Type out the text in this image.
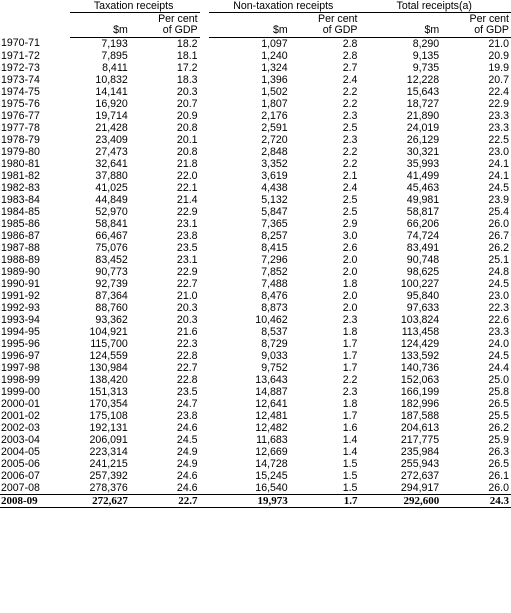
	Taxation receipts			Non-taxation receipts		Total receipts(a)	
		Per cent			Per cent		Per cent
	$m	of GDP		$m	of GDP	$m	of GDP
1970-71	7,193	18.2		1,097	2.8	8,290	21.0
1971-72	7,895	18.1		1,240	2.8	9,135	20.9
1972-73	8,411	17.2		1,324	2.7	9,735	19.9
1973-74	10,832	18.3		1,396	2.4	12,228	20.7
1974-75	14,141	20.3		1,502	2.2	15,643	22.4
1975-76	16,920	20.7		1,807	2.2	18,727	22.9
1976-77	19,714	20.9		2,176	2.3	21,890	23.3
1977-78	21,428	20.8		2,591	2.5	24,019	23.3
1978-79	23,409	20.1		2,720	2.3	26,129	22.5
1979-80	27,473	20.8		2,848	2.2	30,321	23.0
1980-81	32,641	21.8		3,352	2.2	35,993	24.1
1981-82	37,880	22.0		3,619	2.1	41,499	24.1
1982-83	41,025	22.1		4,438	2.4	45,463	24.5
1983-84	44,849	21.4		5,132	2.5	49,981	23.9
1984-85	52,970	22.9		5,847	2.5	58,817	25.4
1985-86	58,841	23.1		7,365	2.9	66,206	26.0
1986-87	66,467	23.8		8,257	3.0	74,724	26.7
1987-88	75,076	23.5		8,415	2.6	83,491	26.2
1988-89	83,452	23.1		7,296	2.0	90,748	25.1
1989-90	90,773	22.9		7,852	2.0	98,625	24.8
1990-91	92,739	22.7		7,488	1.8	100,227	24.5
1991-92	87,364	21.0		8,476	2.0	95,840	23.0
1992-93	88,760	20.3		8,873	2.0	97,633	22.3
1993-94	93,362	20.3		10,462	2.3	103,824	22.6
1994-95	104,921	21.6		8,537	1.8	113,458	23.3
1995-96	115,700	22.3		8,729	1.7	124,429	24.0
1996-97	124,559	22.8		9,033	1.7	133,592	24.5
1997-98	130,984	22.7		9,752	1.7	140,736	24.4
1998-99	138,420	22.8		13,643	2.2	152,063	25.0
1999-00	151,313	23.5		14,887	2.3	166,199	25.8
2000-01	170,354	24.7		12,641	1.8	182,996	26.5
2001-02	175,108	23.8		12,481	1.7	187,588	25.5
2002-03	192,131	24.6		12,482	1.6	204,613	26.2
2003-04	206,091	24.5		11,683	1.4	217,775	25.9
2004-05	223,314	24.9		12,669	1.4	235,984	26.3
2005-06	241,215	24.9		14,728	1.5	255,943	26.5
2006-07	257,392	24.6		15,245	1.5	272,637	26.1
2007-08	278,376	24.6		16,540	1.5	294,917	26.0
2008-09	272,627	22.7		19,973	1.7	292,600	24.3
